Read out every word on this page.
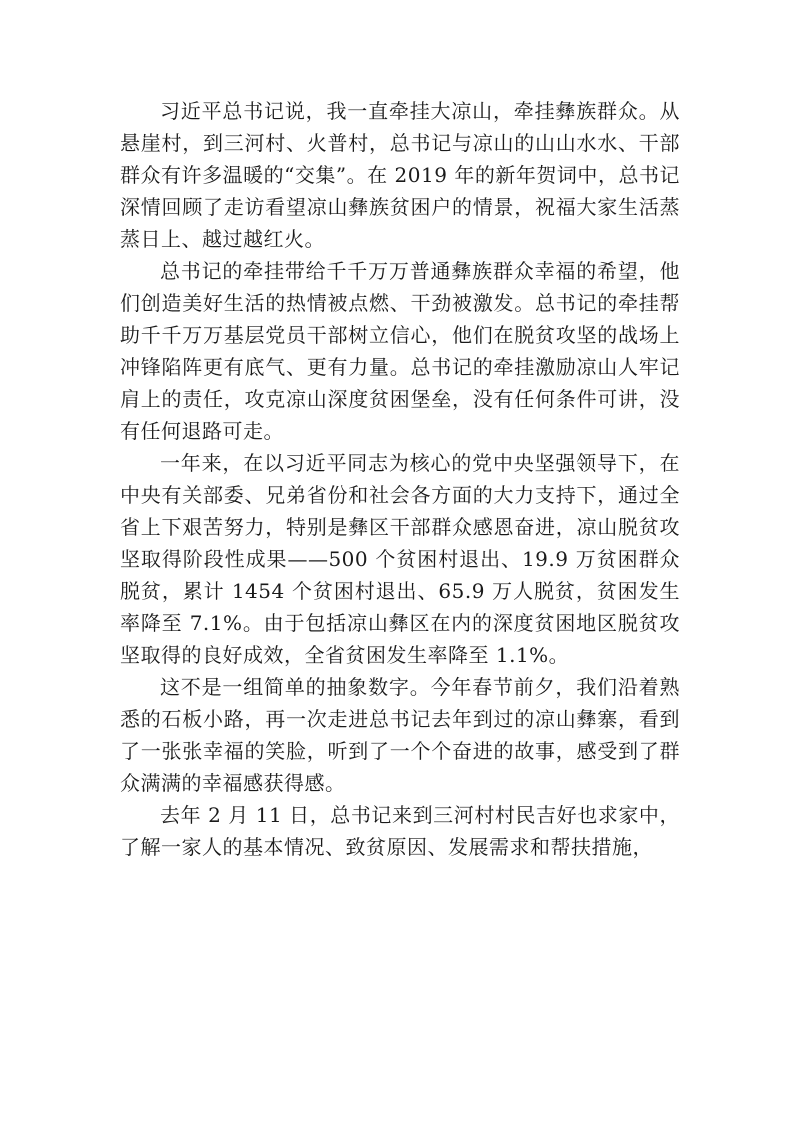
习近平总书记说，我一直牵挂大凉山，牵挂彝族群众。从悬崖村，到三河村、火普村，总书记与凉山的山山水水、干部群众有许多温暖的“交集”。在 2019 年的新年贺词中，总书记深情回顾了走访看望凉山彝族贫困户的情景，祝福大家生活蒸蒸日上、越过越红火。

总书记的牵挂带给千千万万普通彝族群众幸福的希望，他们创造美好生活的热情被点燃、干劲被激发。总书记的牵挂帮助千千万万基层党员干部树立信心，他们在脱贫攻坚的战场上冲锋陷阵更有底气、更有力量。总书记的牵挂激励凉山人牢记肩上的责任，攻克凉山深度贫困堡垒，没有任何条件可讲，没有任何退路可走。

一年来，在以习近平同志为核心的党中央坚强领导下，在中央有关部委、兄弟省份和社会各方面的大力支持下，通过全省上下艰苦努力，特别是彝区干部群众感恩奋进，凉山脱贫攻坚取得阶段性成果——500 个贫困村退出、19.9 万贫困群众脱贫，累计 1454 个贫困村退出、65.9 万人脱贫，贫困发生率降至 7.1%。由于包括凉山彝区在内的深度贫困地区脱贫攻坚取得的良好成效，全省贫困发生率降至 1.1%。

这不是一组简单的抽象数字。今年春节前夕，我们沿着熟悉的石板小路，再一次走进总书记去年到过的凉山彝寨，看到了一张张幸福的笑脸，听到了一个个奋进的故事，感受到了群众满满的幸福感获得感。

去年 2 月 11 日，总书记来到三河村村民吉好也求家中，了解一家人的基本情况、致贫原因、发展需求和帮扶措施，
